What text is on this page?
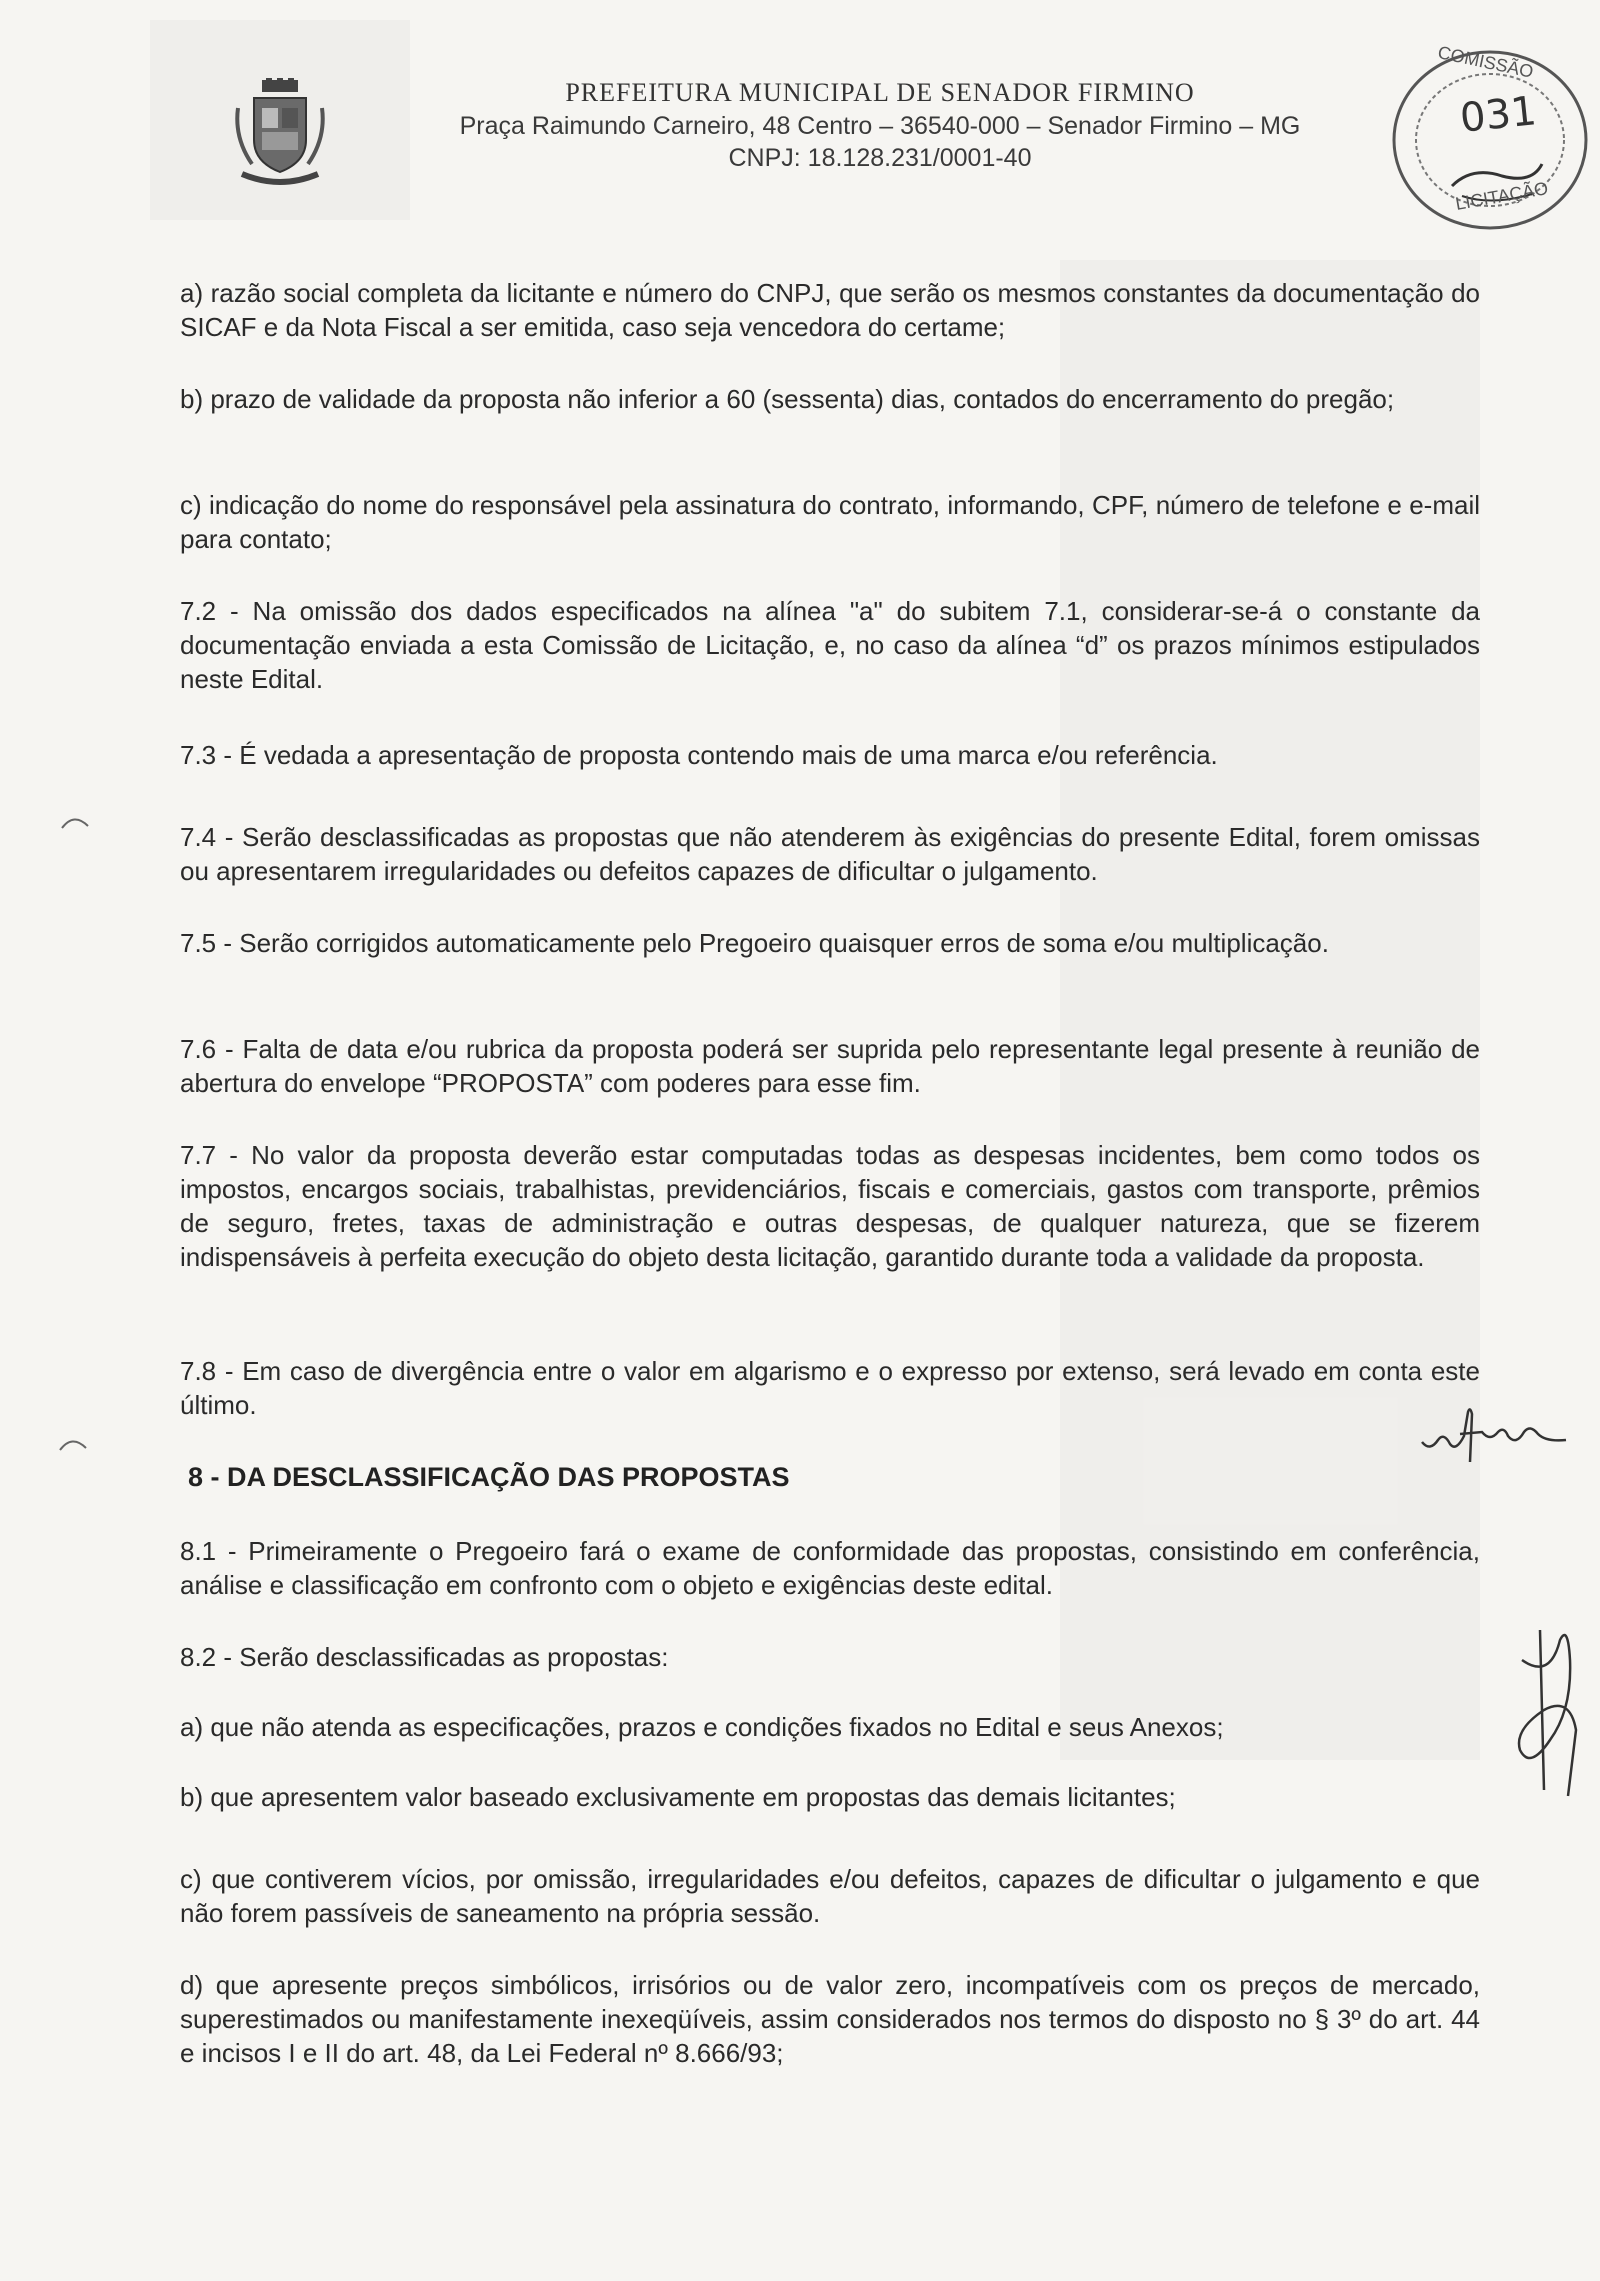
PREFEITURA MUNICIPAL DE SENADOR FIRMINO
Praça Raimundo Carneiro, 48 Centro – 36540-000 – Senador Firmino – MG
CNPJ: 18.128.231/0001-40
COMISSÃO
031
LICITAÇÃO

a) razão social completa da licitante e número do CNPJ, que serão os mesmos constantes da documentação do SICAF e da Nota Fiscal a ser emitida, caso seja vencedora do certame;

b) prazo de validade da proposta não inferior a 60 (sessenta) dias, contados do encerramento do pregão;

c) indicação do nome do responsável pela assinatura do contrato, informando, CPF, número de telefone e e-mail para contato;

7.2 - Na omissão dos dados especificados na alínea "a" do subitem 7.1, considerar-se-á o constante da documentação enviada a esta Comissão de Licitação, e, no caso da alínea “d” os prazos mínimos estipulados neste Edital.

7.3 - É vedada a apresentação de proposta contendo mais de uma marca e/ou referência.

7.4 - Serão desclassificadas as propostas que não atenderem às exigências do presente Edital, forem omissas ou apresentarem irregularidades ou defeitos capazes de dificultar o julgamento.

7.5 - Serão corrigidos automaticamente pelo Pregoeiro quaisquer erros de soma e/ou multiplicação.

7.6 - Falta de data e/ou rubrica da proposta poderá ser suprida pelo representante legal presente à reunião de abertura do envelope “PROPOSTA” com poderes para esse fim.

7.7 - No valor da proposta deverão estar computadas todas as despesas incidentes, bem como todos os impostos, encargos sociais, trabalhistas, previdenciários, fiscais e comerciais, gastos com transporte, prêmios de seguro, fretes, taxas de administração e outras despesas, de qualquer natureza, que se fizerem indispensáveis à perfeita execução do objeto desta licitação, garantido durante toda a validade da proposta.

7.8 - Em caso de divergência entre o valor em algarismo e o expresso por extenso, será levado em conta este último.

8 - DA DESCLASSIFICAÇÃO DAS PROPOSTAS

8.1 - Primeiramente o Pregoeiro fará o exame de conformidade das propostas, consistindo em conferência, análise e classificação em confronto com o objeto e exigências deste edital.

8.2 - Serão desclassificadas as propostas:

a) que não atenda as especificações, prazos e condições fixados no Edital e seus Anexos;

b) que apresentem valor baseado exclusivamente em propostas das demais licitantes;

c) que contiverem vícios, por omissão, irregularidades e/ou defeitos, capazes de dificultar o julgamento e que não forem passíveis de saneamento na própria sessão.

d) que apresente preços simbólicos, irrisórios ou de valor zero, incompatíveis com os preços de mercado, superestimados ou manifestamente inexeqüíveis, assim considerados nos termos do disposto no § 3º do art. 44 e incisos I e II do art. 48, da Lei Federal nº 8.666/93;
